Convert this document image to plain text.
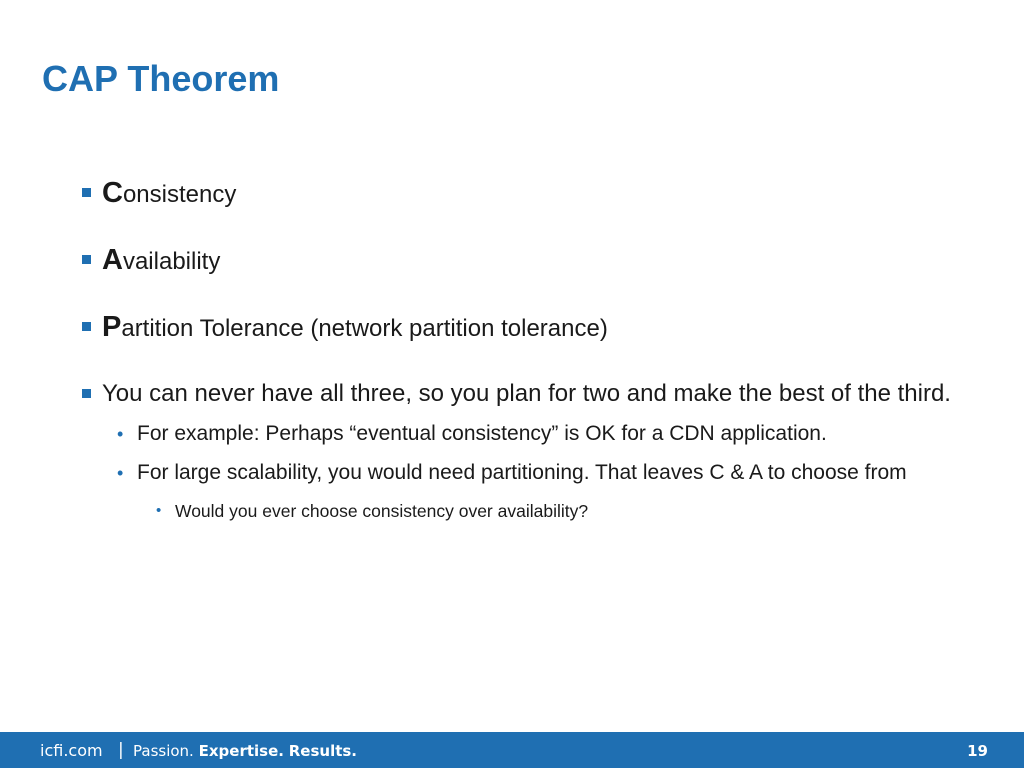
CAP Theorem
Consistency
Availability
Partition Tolerance (network partition tolerance)
You can never have all three, so you plan for two and make the best of the third.
• For example: Perhaps “eventual consistency” is OK for a CDN application.
• For large scalability, you would need partitioning. That leaves C & A to choose from
• Would you ever choose consistency over availability?
icfi.com | Passion. Expertise. Results.	19
